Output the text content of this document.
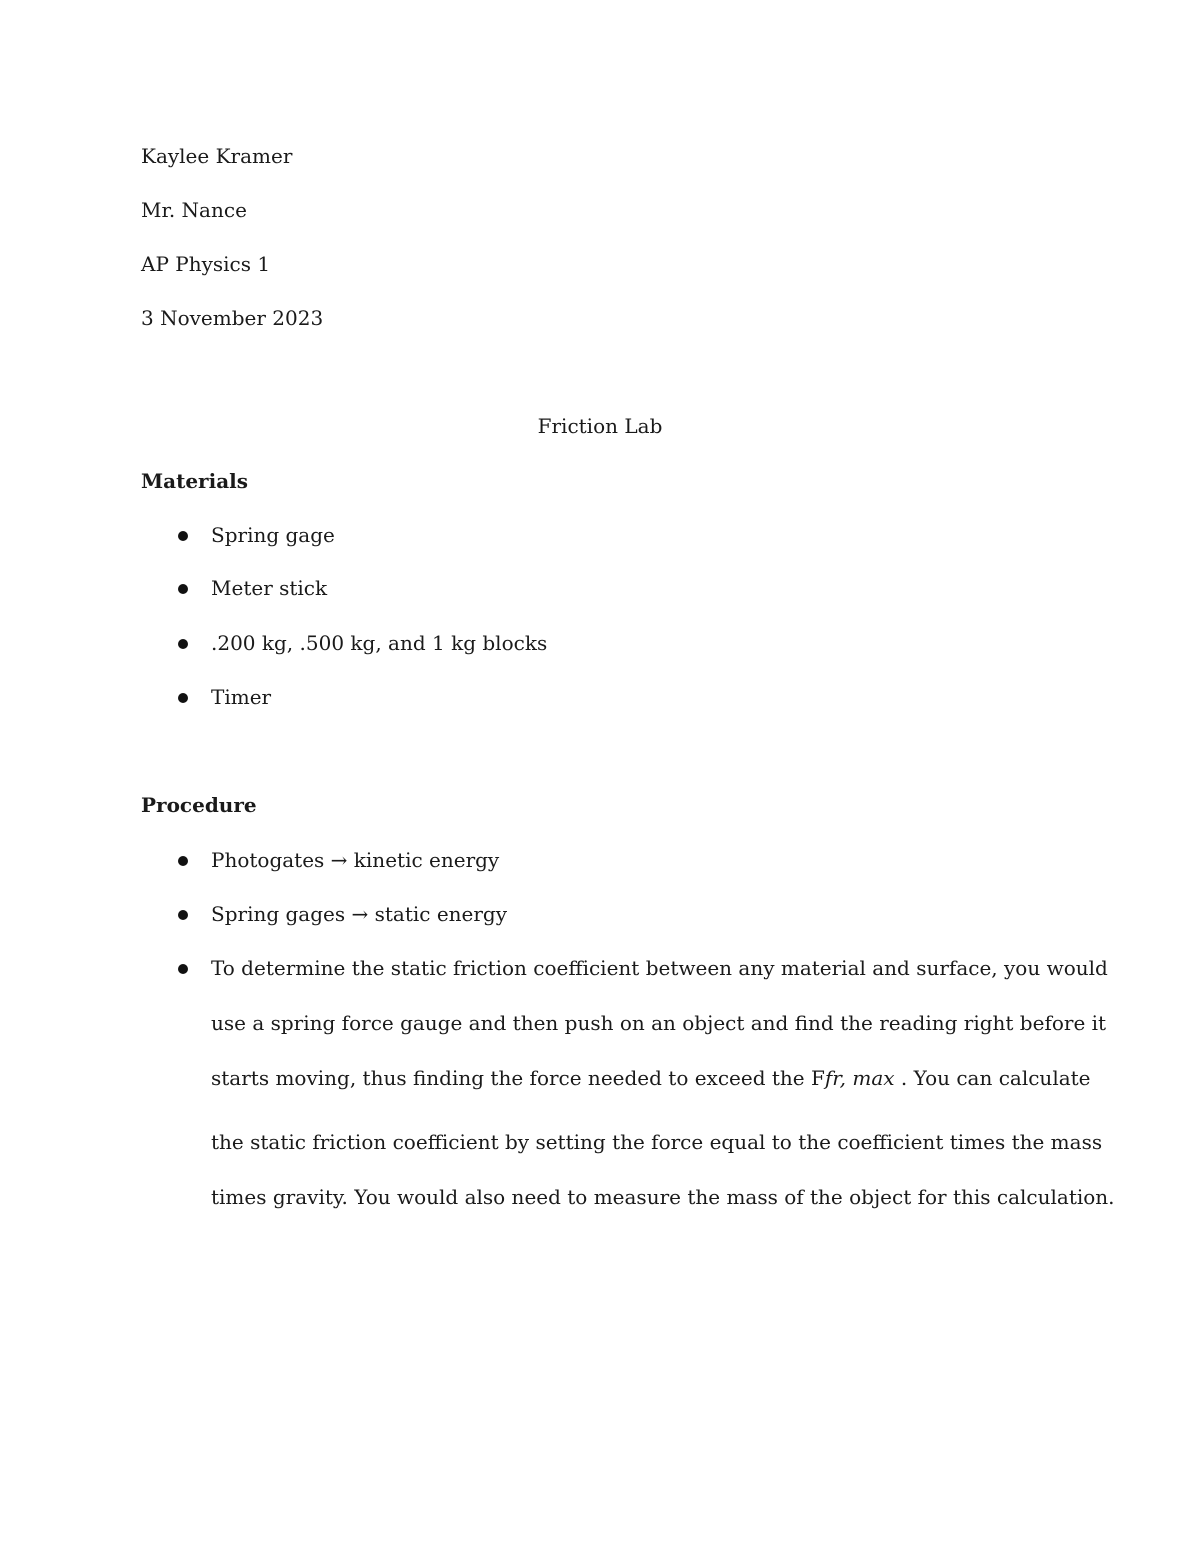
Kaylee Kramer
Mr. Nance
AP Physics 1
3 November 2023
Friction Lab
Materials
Spring gage
Meter stick
.200 kg, .500 kg, and 1 kg blocks
Timer
Procedure
Photogates → kinetic energy
Spring gages → static energy
To determine the static friction coefficient between any material and surface, you would
use a spring force gauge and then push on an object and find the reading right before it
starts moving, thus finding the force needed to exceed the Ffr, max . You can calculate
the static friction coefficient by setting the force equal to the coefficient times the mass
times gravity. You would also need to measure the mass of the object for this calculation.
